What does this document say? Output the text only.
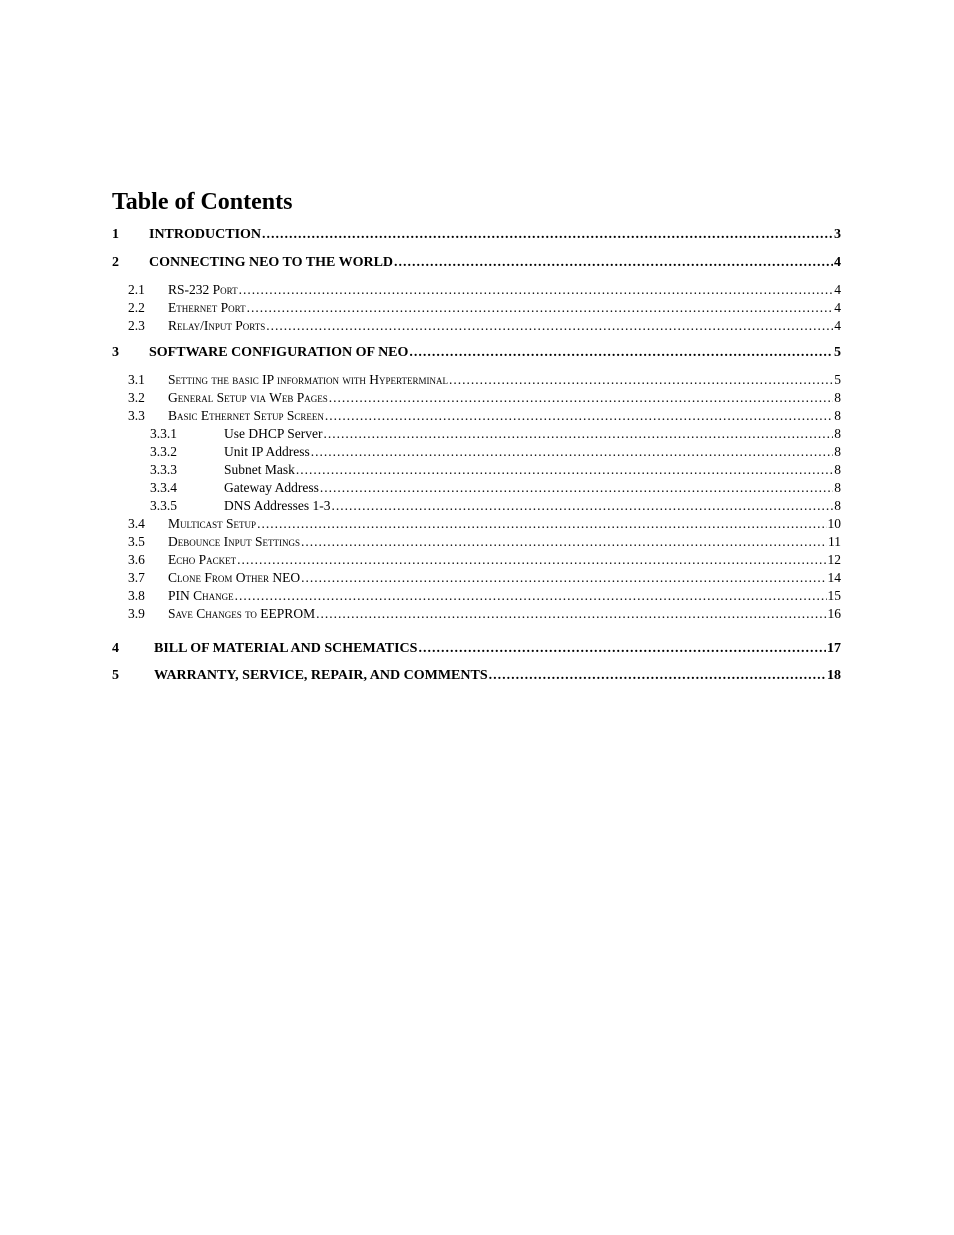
Table of Contents
1 INTRODUCTION .....	3
2 CONNECTING NEO TO THE WORLD .....	4
2.1 RS-232 Port .....	4
2.2 Ethernet Port .....	4
2.3 Relay/Input Ports .....	4
3 SOFTWARE CONFIGURATION OF NEO .....	5
3.1 Setting the basic IP information with Hyperterminal .....	5
3.2 General Setup via Web Pages .....	8
3.3 Basic Ethernet Setup Screen .....	8
3.3.1	Use DHCP Server .....	8
3.3.2	Unit IP Address .....	8
3.3.3	Subnet Mask .....	8
3.3.4	Gateway Address .....	8
3.3.5	DNS Addresses 1-3 .....	8
3.4 Multicast Setup .....	10
3.5 Debounce Input Settings .....	11
3.6 Echo Packet .....	12
3.7 Clone From Other NEO .....	14
3.8 PIN Change .....	15
3.9 Save Changes to EEPROM .....	16
4	BILL OF MATERIAL AND SCHEMATICS .....	17
5	WARRANTY, SERVICE, REPAIR, AND COMMENTS .....	18
